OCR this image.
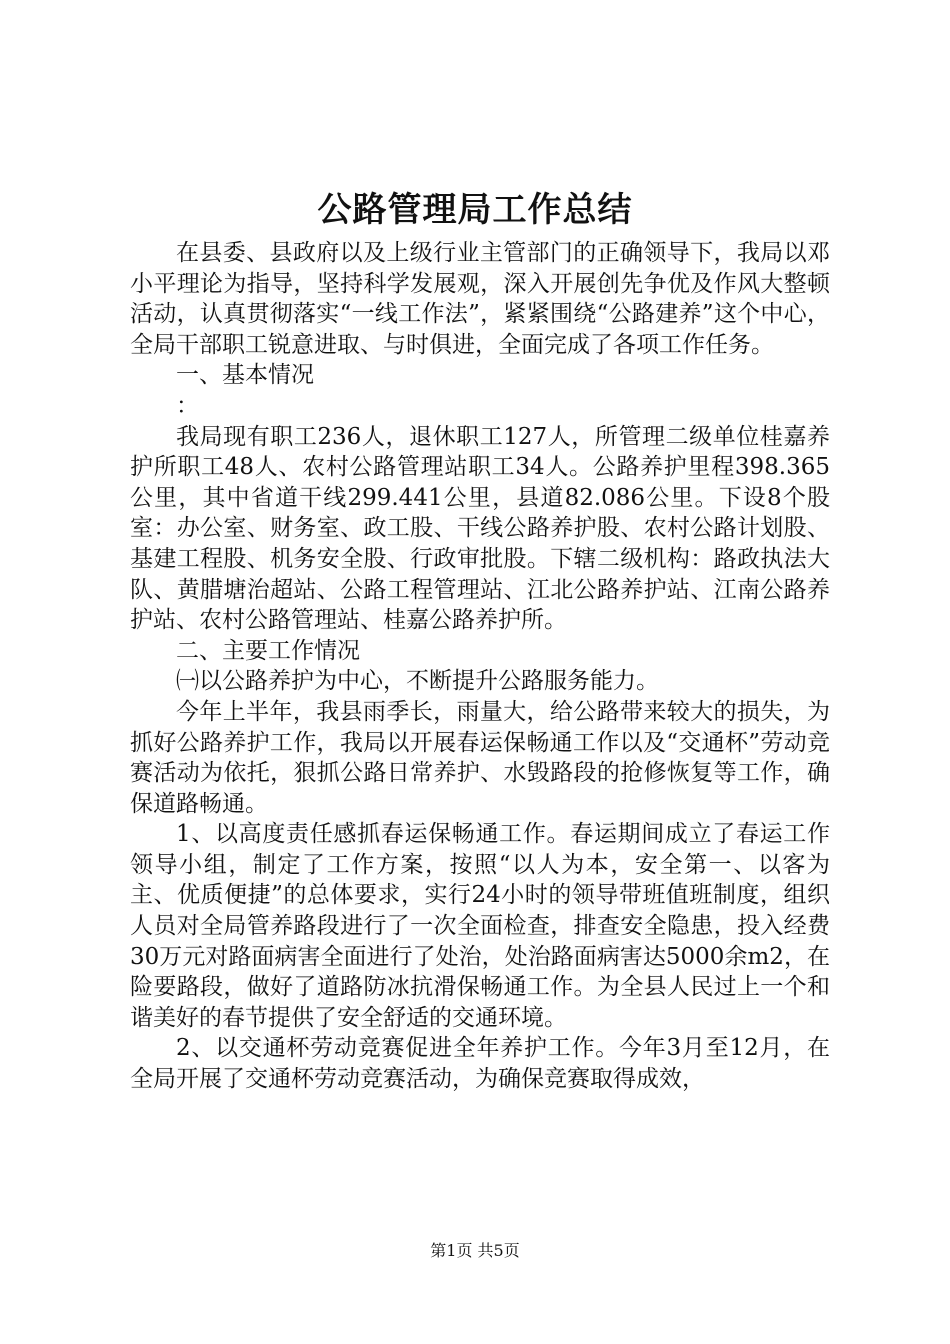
公路管理局工作总结

在县委、县政府以及上级行业主管部门的正确领导下，我局以邓小平理论为指导，坚持科学发展观，深入开展创先争优及作风大整顿活动，认真贯彻落实“一线工作法”，紧紧围绕“公路建养”这个中心，全局干部职工锐意进取、与时俱进，全面完成了各项工作任务。

一、基本情况

：

我局现有职工236人，退休职工127人，所管理二级单位桂嘉养护所职工48人、农村公路管理站职工34人。公路养护里程398.365公里，其中省道干线299.441公里，县道82.086公里。下设8个股室：办公室、财务室、政工股、干线公路养护股、农村公路计划股、基建工程股、机务安全股、行政审批股。下辖二级机构：路政执法大队、黄腊塘治超站、公路工程管理站、江北公路养护站、江南公路养护站、农村公路管理站、桂嘉公路养护所。

二、主要工作情况

㈠以公路养护为中心，不断提升公路服务能力。

今年上半年，我县雨季长，雨量大，给公路带来较大的损失，为抓好公路养护工作，我局以开展春运保畅通工作以及“交通杯”劳动竞赛活动为依托，狠抓公路日常养护、水毁路段的抢修恢复等工作，确保道路畅通。

1、以高度责任感抓春运保畅通工作。春运期间成立了春运工作领导小组，制定了工作方案，按照“以人为本，安全第一、以客为主、优质便捷”的总体要求，实行24小时的领导带班值班制度，组织人员对全局管养路段进行了一次全面检查，排查安全隐患，投入经费30万元对路面病害全面进行了处治，处治路面病害达5000余m2，在险要路段，做好了道路防冰抗滑保畅通工作。为全县人民过上一个和谐美好的春节提供了安全舒适的交通环境。

2、以交通杯劳动竞赛促进全年养护工作。今年3月至12月，在全局开展了交通杯劳动竞赛活动，为确保竞赛取得成效，

第1页 共5页
